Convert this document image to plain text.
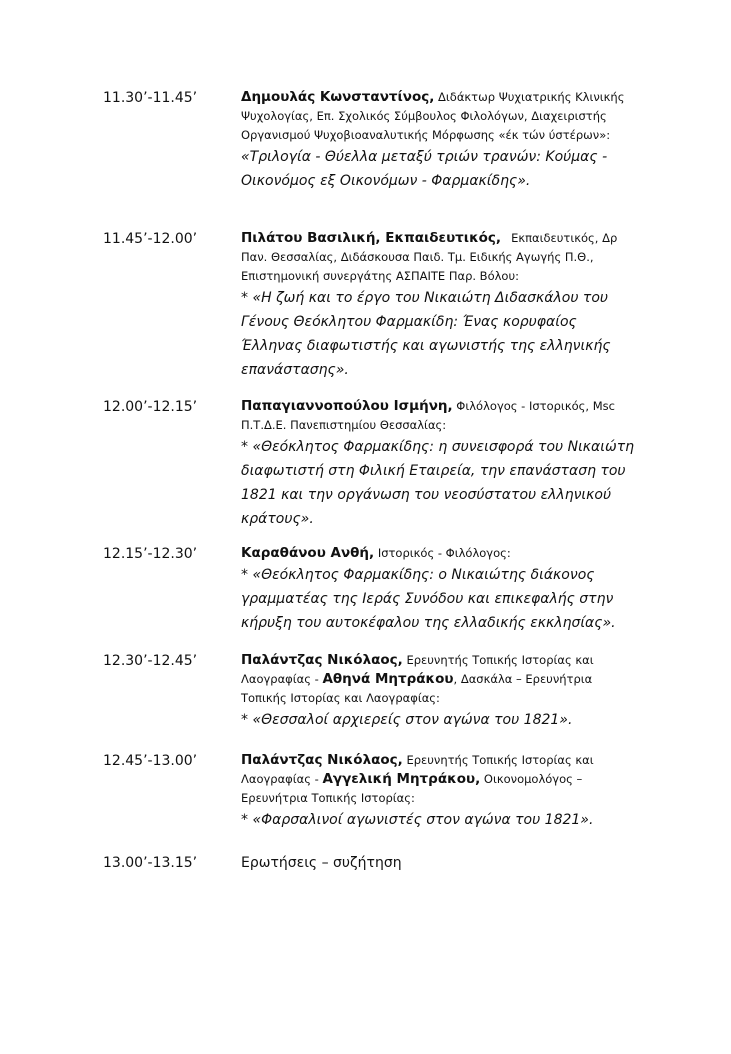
11.30’-11.45’	Δημουλάς Κωνσταντίνος, Διδάκτωρ Ψυχιατρικής Κλινικής Ψυχολογίας, Επ. Σχολικός Σύμβουλος Φιλολόγων, Διαχειριστής Οργανισμού Ψυχοβιοαναλυτικής Μόρφωσης «έκ τών ύστέρων»:
«Τριλογία - Θύελλα μεταξύ τριών τρανών: Κούμας - Οικονόμος εξ Οικονόμων - Φαρμακίδης».
11.45’-12.00’	Πιλάτου Βασιλική, Εκπαιδευτικός, Εκπαιδευτικός, Δρ Παν. Θεσσαλίας, Διδάσκουσα Παιδ. Τμ. Ειδικής Αγωγής Π.Θ., Επιστημονική συνεργάτης ΑΣΠΑΙΤΕ Παρ. Βόλου:
* «Η ζωή και το έργο του Νικαιώτη Διδασκάλου του Γένους Θεόκλητου Φαρμακίδη: Ένας κορυφαίος Έλληνας διαφωτιστής και αγωνιστής της ελληνικής επανάστασης».
12.00’-12.15’	Παπαγιαννοπούλου Ισμήνη, Φιλόλογος - Ιστορικός, Msc Π.Τ.Δ.Ε. Πανεπιστημίου Θεσσαλίας:
* «Θεόκλητος Φαρμακίδης: η συνεισφορά του Νικαιώτη διαφωτιστή στη Φιλική Εταιρεία, την επανάσταση του 1821 και την οργάνωση του νεοσύστατου ελληνικού κράτους».
12.15’-12.30’	Καραθάνου Ανθή, Ιστορικός - Φιλόλογος:
* «Θεόκλητος Φαρμακίδης: ο Νικαιώτης διάκονος γραμματέας της Ιεράς Συνόδου και επικεφαλής στην κήρυξη του αυτοκέφαλου της ελλαδικής εκκλησίας».
12.30’-12.45’	Παλάντζας Νικόλαος, Ερευνητής Τοπικής Ιστορίας και Λαογραφίας - Αθηνά Μητράκου, Δασκάλα – Ερευνήτρια Τοπικής Ιστορίας και Λαογραφίας:
* «Θεσσαλοί αρχιερείς στον αγώνα του 1821».
12.45’-13.00’	Παλάντζας Νικόλαος, Ερευνητής Τοπικής Ιστορίας και Λαογραφίας - Αγγελική Μητράκου, Οικονομολόγος – Ερευνήτρια Τοπικής Ιστορίας:
* «Φαρσαλινοί αγωνιστές στον αγώνα του 1821».
13.00’-13.15’	Ερωτήσεις – συζήτηση
